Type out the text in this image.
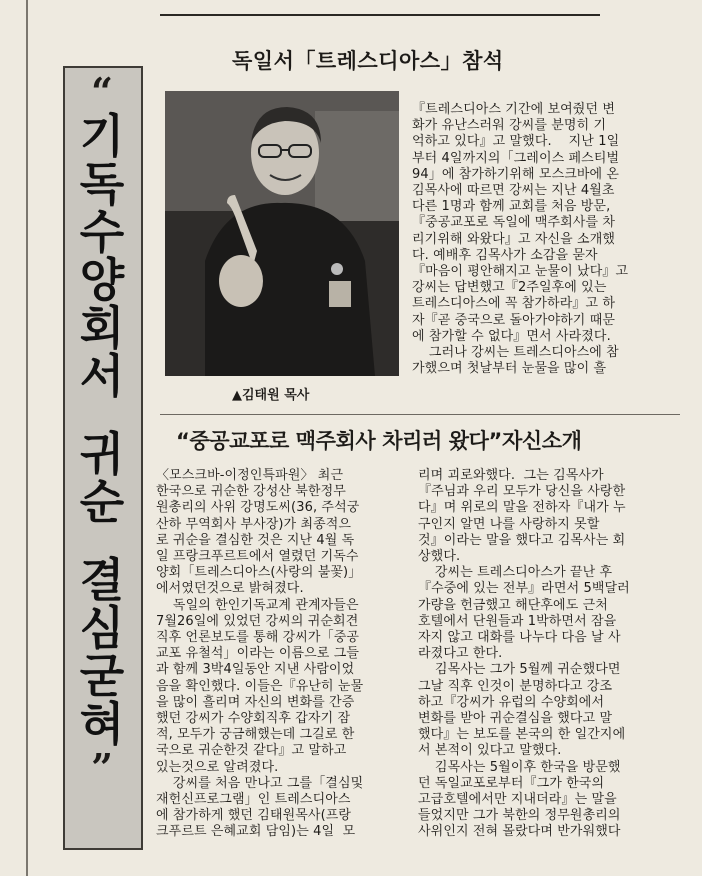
독일서「트레스디아스」참석
“
기
독
수
양
회
서
귀
순
결
심
굳
혀
”
▲김태원 목사
『트레스디아스 기간에 보여줬던 변
화가 유난스러워 강씨를 분명히 기
억하고 있다』고 말했다.    지난 1일
부터 4일까지의「그레이스 페스티벌
94」에 참가하기위해 모스크바에 온
김목사에 따르면 강씨는 지난 4월초
다른 1명과 함께 교회를 처음 방문,
『중공교포로 독일에 맥주회사를 차
리기위해 와왔다』고 자신을 소개했
다. 예배후 김목사가 소감을 묻자
『마음이 평안해지고 눈물이 났다』고
강씨는 답변했고『2주일후에 있는
트레스디아스에 꼭 참가하라』고 하
자『곧 중국으로 돌아가야하기 때문
에 참가할 수 없다』면서 사라졌다.
그러나 강씨는 트레스디아스에 참
가했으며 첫날부터 눈물을 많이 흘
“중공교포로 맥주회사 차리러 왔다”자신소개
〈모스크바-이정인특파원〉 최근
한국으로 귀순한 강성산 북한정무
원총리의 사위 강명도씨(36, 주석궁
산하 무역회사 부사장)가 최종적으
로 귀순을 결심한 것은 지난 4월 독
일 프랑크푸르트에서 열렸던 기독수
양회「트레스디아스(사랑의 불꽃)」
에서였던것으로 밝혀졌다.
독일의 한인기독교계 관계자들은
7월26일에 있었던 강씨의 귀순회견
직후 언론보도를 통해 강씨가「중공
교포 유철석」이라는 이름으로 그들
과 함께 3박4일동안 지낸 사람이었
음을 확인했다. 이들은『유난히 눈물
을 많이 흘리며 자신의 변화를 간증
했던 강씨가 수양회직후 갑자기 잠
적, 모두가 궁금해했는데 그길로 한
국으로 귀순한것 같다』고 말하고
있는것으로 알려졌다.
강씨를 처음 만나고 그를「결심및
재헌신프로그램」인 트레스디아스
에 참가하게 했던 김태원목사(프랑
크푸르트 은혜교회 담임)는 4일  모
리며 괴로와했다.  그는 김목사가
『주님과 우리 모두가 당신을 사랑한
다』며 위로의 말을 전하자『내가 누
구인지 알면 나를 사랑하지 못할
것』이라는 말을 했다고 김목사는 회
상했다.
강씨는 트레스디아스가 끝난 후
『수중에 있는 전부』라면서 5백달러
가량을 헌금했고 해단후에도 근처
호텔에서 단원들과 1박하면서 잠을
자지 않고 대화를 나누다 다음 날 사
라졌다고 한다.
김목사는 그가 5월께 귀순했다면
그날 직후 인것이 분명하다고 강조
하고『강씨가 유럽의 수양회에서
변화를 받아 귀순결심을 했다고 말
했다』는 보도를 본국의 한 일간지에
서 본적이 있다고 말했다.
김목사는 5월이후 한국을 방문했
던 독일교포로부터『그가 한국의
고급호텔에서만 지내더라』는 말을
들었지만 그가 북한의 정무원총리의
사위인지 전혀 몰랐다며 반가워했다
